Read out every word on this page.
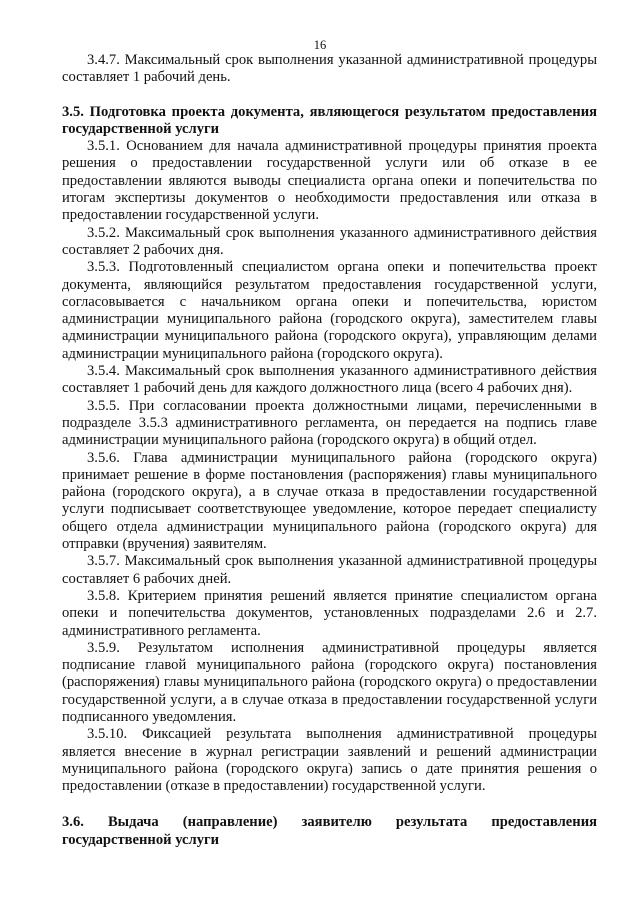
16

3.4.7. Максимальный срок выполнения указанной административной процедуры составляет 1 рабочий день.

3.5. Подготовка проекта документа, являющегося результатом предоставления государственной услуги

3.5.1. Основанием для начала административной процедуры принятия проекта решения о предоставлении государственной услуги или об отказе в ее предоставлении являются выводы специалиста органа опеки и попечительства по итогам экспертизы документов о необходимости предоставления или отказа в предоставлении государственной услуги.

3.5.2. Максимальный срок выполнения указанного административного действия составляет 2 рабочих дня.

3.5.3. Подготовленный специалистом органа опеки и попечительства проект документа, являющийся результатом предоставления государственной услуги, согласовывается с начальником органа опеки и попечительства, юристом администрации муниципального района (городского округа), заместителем главы администрации муниципального района (городского округа), управляющим делами администрации муниципального района (городского округа).

3.5.4. Максимальный срок выполнения указанного административного действия составляет 1 рабочий день для каждого должностного лица (всего 4 рабочих дня).

3.5.5. При согласовании проекта должностными лицами, перечисленными в подразделе 3.5.3 административного регламента, он передается на подпись главе администрации муниципального района (городского округа) в общий отдел.

3.5.6. Глава администрации муниципального района (городского округа) принимает решение в форме постановления (распоряжения) главы муниципального района (городского округа), а в случае отказа в предоставлении государственной услуги подписывает соответствующее уведомление, которое передает специалисту общего отдела администрации муниципального района (городского округа) для отправки (вручения) заявителям.

3.5.7. Максимальный срок выполнения указанной административной процедуры составляет 6 рабочих дней.

3.5.8. Критерием принятия решений является принятие специалистом органа опеки и попечительства документов, установленных подразделами 2.6 и 2.7. административного регламента.

3.5.9. Результатом исполнения административной процедуры является подписание главой муниципального района (городского округа) постановления (распоряжения) главы муниципального района (городского округа) о предоставлении государственной услуги, а в случае отказа в предоставлении государственной услуги подписанного уведомления.

3.5.10. Фиксацией результата выполнения административной процедуры является внесение в журнал регистрации заявлений и решений администрации муниципального района (городского округа) запись о дате принятия решения о предоставлении (отказе в предоставлении) государственной услуги.

3.6. Выдача (направление) заявителю результата предоставления государственной услуги
